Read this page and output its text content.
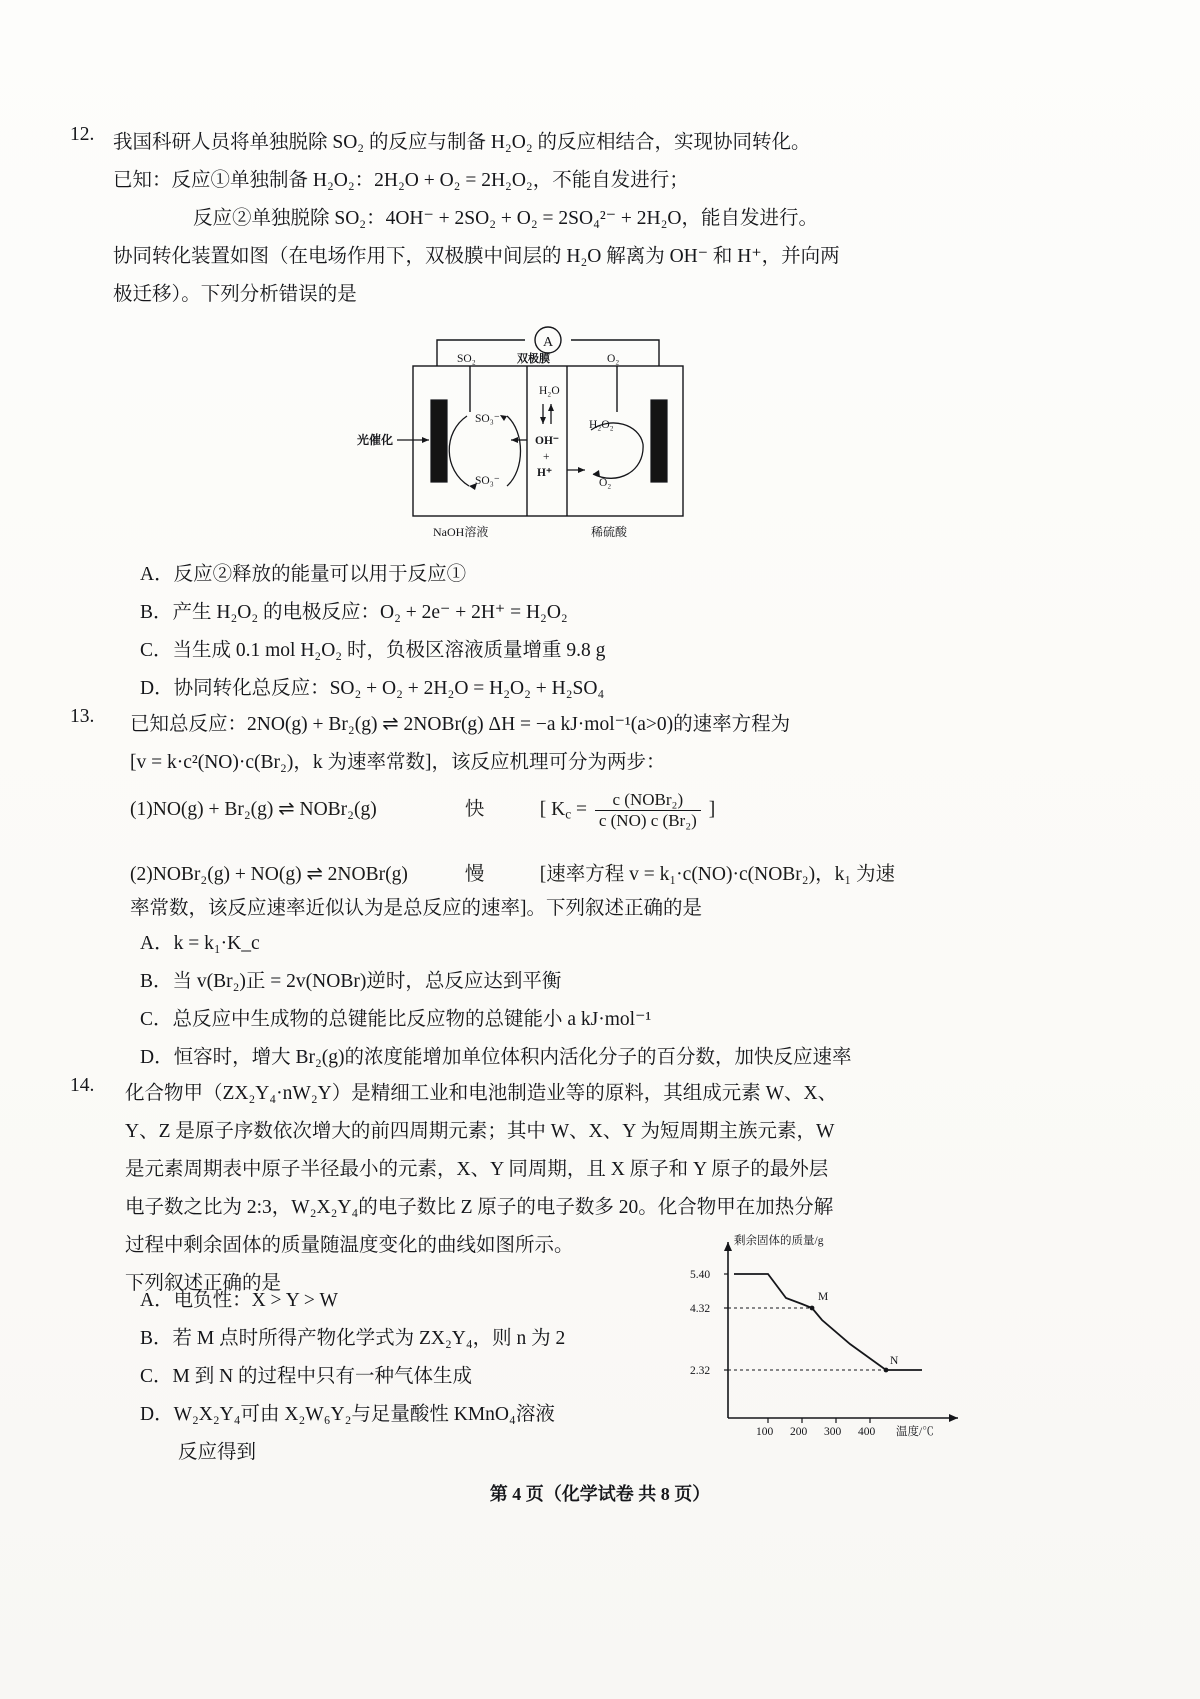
12. 我国科研人员将单独脱除 SO₂ 的反应与制备 H₂O₂ 的反应相结合，实现协同转化。
已知：反应①单独制备 H₂O₂：2H₂O + O₂ = 2H₂O₂，不能自发进行；
反应②单独脱除 SO₂：4OH⁻ + 2SO₂ + O₂ = 2SO₄²⁻ + 2H₂O，能自发进行。
协同转化装置如图（在电场作用下，双极膜中间层的 H₂O 解离为 OH⁻ 和 H⁺，并向两
极迁移）。下列分析错误的是
A
SO₂	双极膜	O₂
H₂O
OH⁻
+
H⁺
SO₃⁻
SO₃⁻
H₂O₂
O₂
光催化
NaOH溶液	稀硫酸
A．反应②释放的能量可以用于反应①
B．产生 H₂O₂ 的电极反应：O₂ + 2e⁻ + 2H⁺ = H₂O₂
C．当生成 0.1 mol H₂O₂ 时，负极区溶液质量增重 9.8 g
D．协同转化总反应：SO₂ + O₂ + 2H₂O = H₂O₂ + H₂SO₄
13. 已知总反应：2NO(g) + Br₂(g) ⇌ 2NOBr(g) ΔH = −a kJ·mol⁻¹(a>0)的速率方程为
[v = k·c²(NO)·c(Br₂)，k 为速率常数]，该反应机理可分为两步：
(1)NO(g) + Br₂(g) ⇌ NOBr₂(g)	快	[ $K_c = \frac{\text{c (NOBr₂)}}{\text{c (NO) c (Br₂)}}$ ]
(2)NOBr₂(g) + NO(g) ⇌ 2NOBr(g)	慢	[速率方程 v = k₁·c(NO)·c(NOBr₂)，k₁ 为速
率常数，该反应速率近似认为是总反应的速率]。下列叙述正确的是
A．k = k₁·K_c
B．当 v(Br₂)正 = 2v(NOBr)逆时，总反应达到平衡
C．总反应中生成物的总键能比反应物的总键能小 a kJ·mol⁻¹
D．恒容时，增大 Br₂(g)的浓度能增加单位体积内活化分子的百分数，加快反应速率
14. 化合物甲（ZX₂Y₄·nW₂Y）是精细工业和电池制造业等的原料，其组成元素 W、X、
Y、Z 是原子序数依次增大的前四周期元素；其中 W、X、Y 为短周期主族元素，W
是元素周期表中原子半径最小的元素，X、Y 同周期，且 X 原子和 Y 原子的最外层
电子数之比为 2:3，W₂X₂Y₄的电子数比 Z 原子的电子数多 20。化合物甲在加热分解
过程中剩余固体的质量随温度变化的曲线如图所示。
下列叙述正确的是
A．电负性：X > Y > W
B．若 M 点时所得产物化学式为 ZX₂Y₄，则 n 为 2
C．M 到 N 的过程中只有一种气体生成
D．W₂X₂Y₄可由 X₂W₆Y₂与足量酸性 KMnO₄溶液
反应得到
剩余固体的质量/g
5.40
4.32
2.32
100 200 300 400 温度/℃
M
N
第 4 页（化学试卷 共 8 页）
